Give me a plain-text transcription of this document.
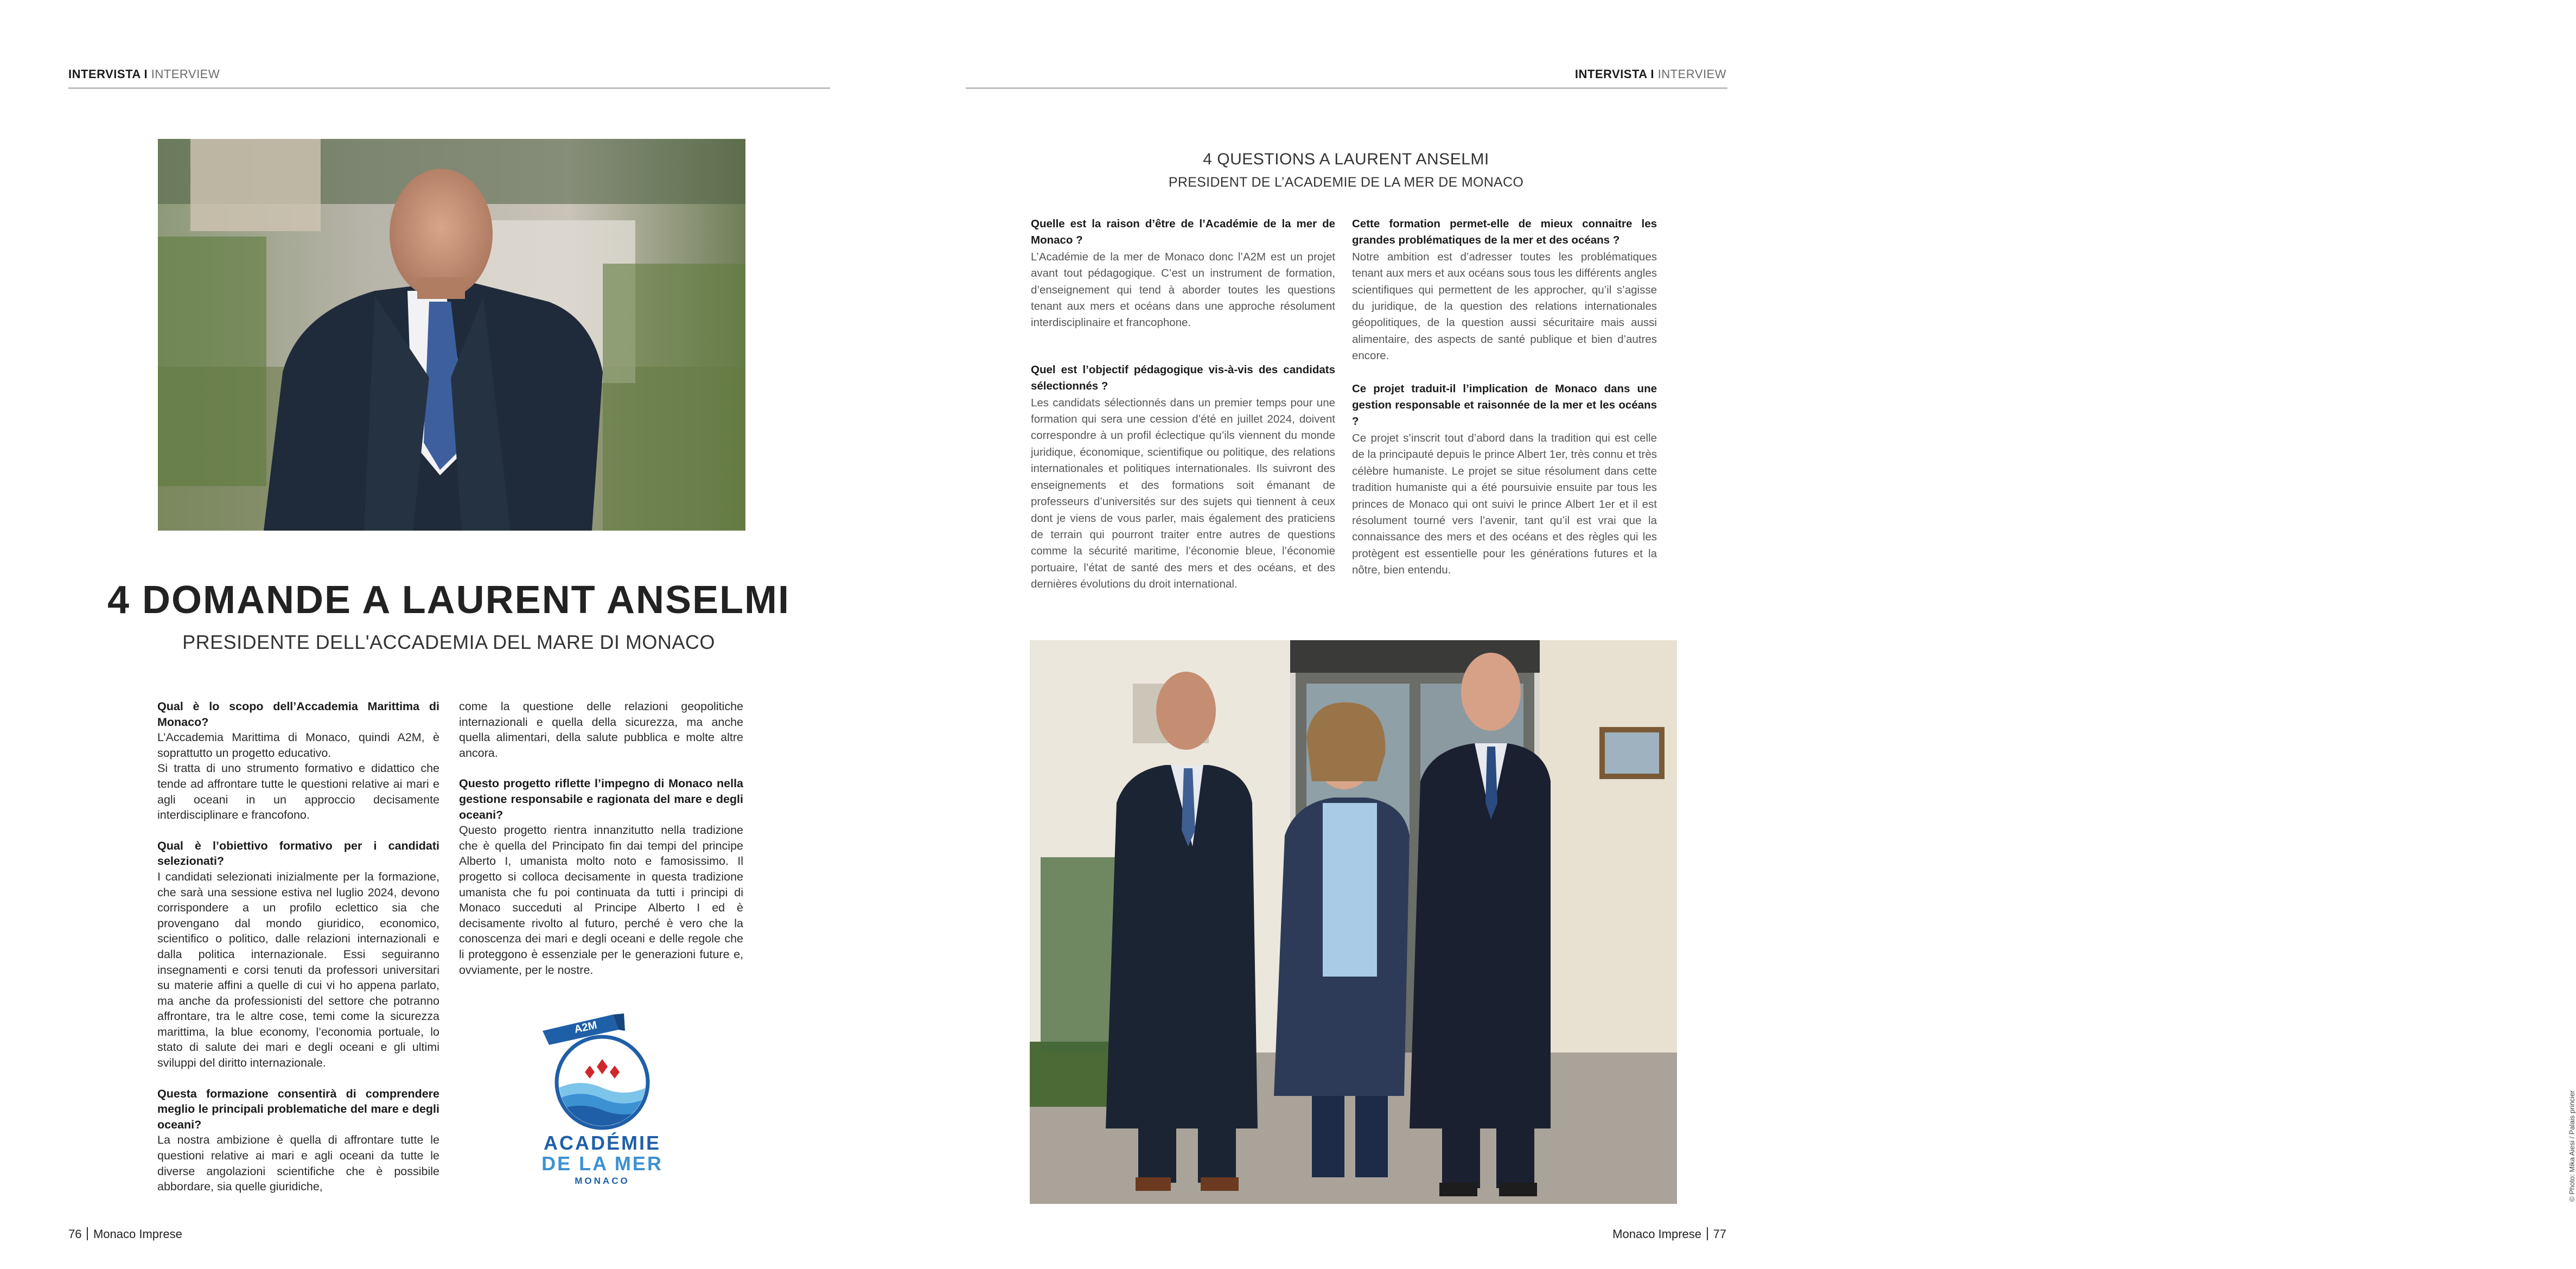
INTERVISTA I INTERVIEW
4 DOMANDE A LAURENT ANSELMI
PRESIDENTE DELL'ACCADEMIA DEL MARE DI MONACO

Qual è lo scopo dell’Accademia Marittima di Monaco?

L’Accademia Marittima di Monaco, quindi A2M, è soprattutto un progetto educativo.

Si tratta di uno strumento formativo e didattico che tende ad affrontare tutte le questioni relative ai mari e agli oceani in un approccio decisamente interdisciplinare e francofono.

Qual è l’obiettivo formativo per i candidati selezionati?

I candidati selezionati inizialmente per la formazione, che sarà una sessione estiva nel luglio 2024, devono corrispondere a un profilo eclettico sia che provengano dal mondo giuridico, economico, scientifico o politico, dalle relazioni internazionali e dalla politica internazionale. Essi seguiranno insegnamenti e corsi tenuti da professori universitari su materie affini a quelle di cui vi ho appena parlato, ma anche da professionisti del settore che potranno affrontare, tra le altre cose, temi come la sicurezza marittima, la blue economy, l’economia portuale, lo stato di salute dei mari e degli oceani e gli ultimi sviluppi del diritto internazionale.

Questa formazione consentirà di comprendere meglio le principali problematiche del mare e degli oceani?

La nostra ambizione è quella di affrontare tutte le questioni relative ai mari e agli oceani da tutte le diverse angolazioni scientifiche che è possibile abbordare, sia quelle giuridiche,

come la questione delle relazioni geopolitiche internazionali e quella della sicurezza, ma anche quella alimentari, della salute pubblica e molte altre ancora.

Questo progetto riflette l’impegno di Monaco nella gestione responsabile e ragionata del mare e degli oceani?

Questo progetto rientra innanzitutto nella tradizione che è quella del Principato fin dai tempi del principe Alberto I, umanista molto noto e famosissimo. Il progetto si colloca decisamente in questa tradizione umanista che fu poi continuata da tutti i principi di Monaco succeduti al Principe Alberto I ed è decisamente rivolto al futuro, perché è vero che la conoscenza dei mari e degli oceani e delle regole che li proteggono è essenziale per le generazioni future e, ovviamente, per le nostre.

A2M
ACADÉMIE
DE LA MER
MONACO
76 Monaco Imprese
INTERVISTA I INTERVIEW
4 QUESTIONS A LAURENT ANSELMI
PRESIDENT DE L’ACADEMIE DE LA MER DE MONACO

Quelle est la raison d’être de l’Académie de la mer de Monaco ?

L’Académie de la mer de Monaco donc l’A2M est un projet avant tout pédagogique. C’est un instrument de formation, d’enseignement qui tend à aborder toutes les questions tenant aux mers et océans dans une approche résolument interdisciplinaire et francophone.

Quel est l’objectif pédagogique vis-à-vis des candidats sélectionnés ?

Les candidats sélectionnés dans un premier temps pour une formation qui sera une cession d’été en juillet 2024, doivent correspondre à un profil éclectique qu’ils viennent du monde juridique, économique, scientifique ou politique, des relations internationales et politiques internationales. Ils suivront des enseignements et des formations soit émanant de professeurs d’universités sur des sujets qui tiennent à ceux dont je viens de vous parler, mais également des praticiens de terrain qui pourront traiter entre autres de questions comme la sécurité maritime, l’économie bleue, l’économie portuaire, l’état de santé des mers et des océans, et des dernières évolutions du droit international.

Cette formation permet-elle de mieux connaitre les grandes problématiques de la mer et des océans ?

Notre ambition est d’adresser toutes les problématiques tenant aux mers et aux océans sous tous les différents angles scientifiques qui permettent de les approcher, qu’il s’agisse du juridique, de la question des relations internationales géopolitiques, de la question aussi sécuritaire mais aussi alimentaire, des aspects de santé publique et bien d’autres encore.

Ce projet traduit-il l’implication de Monaco dans une gestion responsable et raisonnée de la mer et les océans ?

Ce projet s’inscrit tout d’abord dans la tradition qui est celle de la principauté depuis le prince Albert 1er, très connu et très célèbre humaniste. Le projet se situe résolument dans cette tradition humaniste qui a été poursuivie ensuite par tous les princes de Monaco qui ont suivi le prince Albert 1er et il est résolument tourné vers l’avenir, tant qu’il est vrai que la connaissance des mers et des océans et des règles qui les protègent est essentielle pour les générations futures et la nôtre, bien entendu.

© Photo: Mika Aiesi / Palais princier
Monaco Imprese 77
